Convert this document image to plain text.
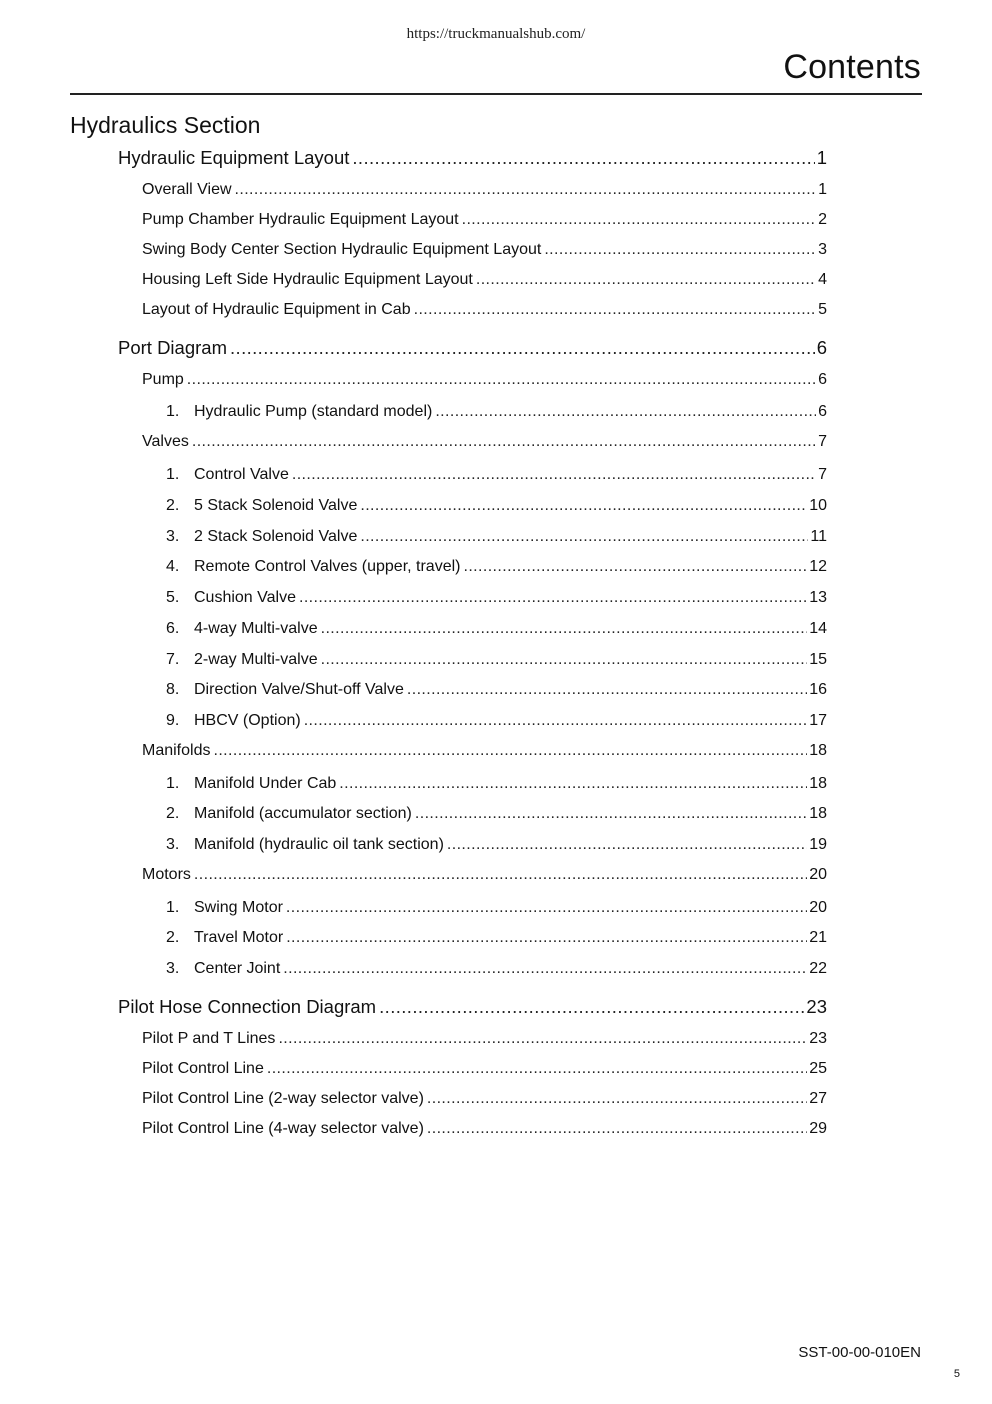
https://truckmanualshub.com/
Contents
Hydraulics Section
Hydraulic Equipment Layout .....	1
Overall View .....	1
Pump Chamber Hydraulic Equipment Layout .....	2
Swing Body Center Section Hydraulic Equipment Layout .....	3
Housing Left Side Hydraulic Equipment Layout .....	4
Layout of Hydraulic Equipment in Cab .....	5
Port Diagram .....	6
Pump .....	6
1. Hydraulic Pump (standard model) .....	6
Valves .....	7
1. Control Valve .....	7
2. 5 Stack Solenoid Valve .....	10
3. 2 Stack Solenoid Valve .....	11
4. Remote Control Valves (upper, travel) .....	12
5. Cushion Valve .....	13
6. 4-way Multi-valve .....	14
7. 2-way Multi-valve .....	15
8. Direction Valve/Shut-off Valve .....	16
9. HBCV (Option) .....	17
Manifolds .....	18
1. Manifold Under Cab .....	18
2. Manifold (accumulator section) .....	18
3. Manifold (hydraulic oil tank section) .....	19
Motors .....	20
1. Swing Motor .....	20
2. Travel Motor .....	21
3. Center Joint .....	22
Pilot Hose Connection Diagram .....	23
Pilot P and T Lines .....	23
Pilot Control Line .....	25
Pilot Control Line (2-way selector valve) .....	27
Pilot Control Line (4-way selector valve) .....	29
SST-00-00-010EN
5
